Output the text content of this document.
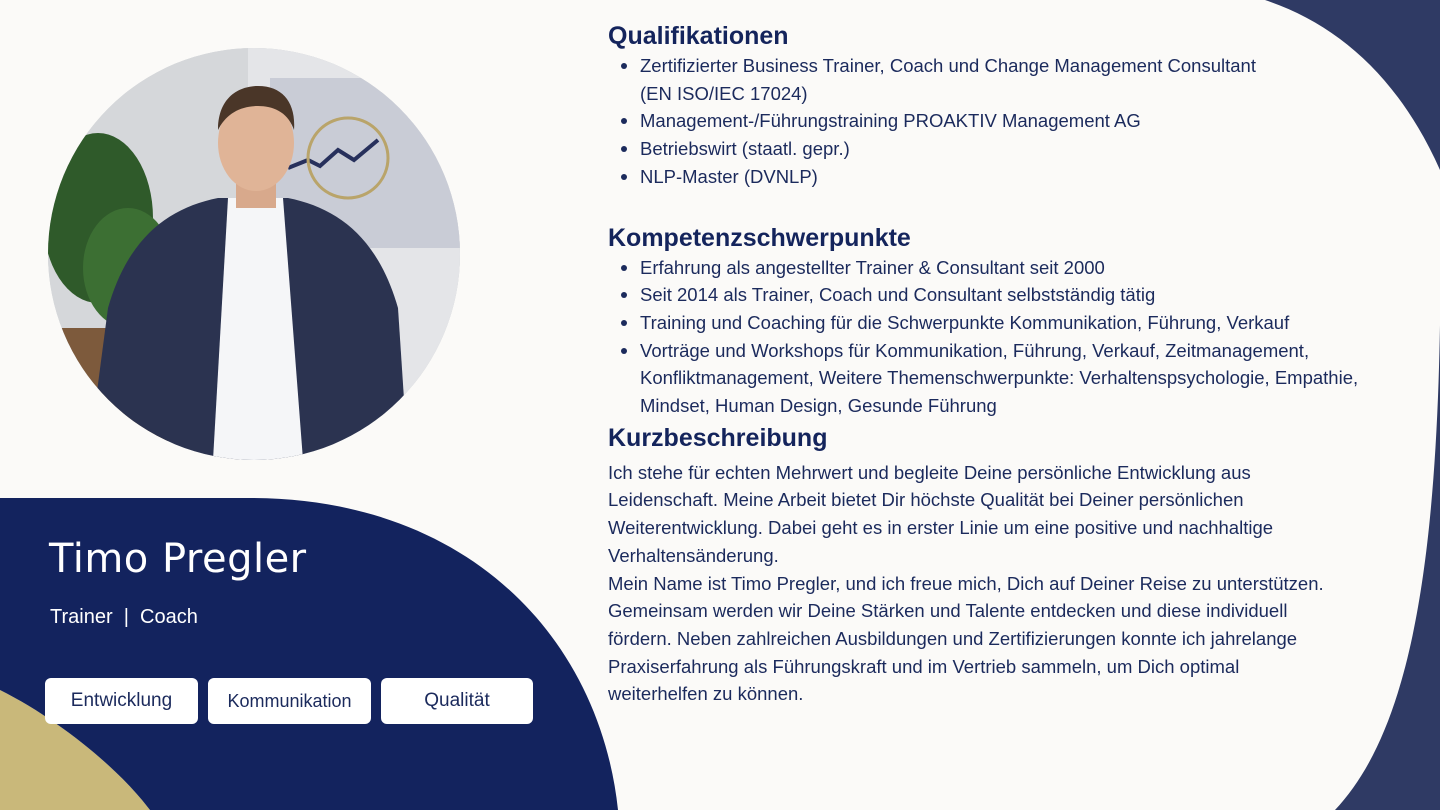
Timo Pregler
Trainer  |  Coach
Entwicklung	Kommunikation	Qualität
Qualifikationen
Zertifizierter Business Trainer, Coach und Change Management Consultant (EN ISO/IEC 17024)
Management-/Führungstraining PROAKTIV Management AG
Betriebswirt (staatl. gepr.)
NLP-Master (DVNLP)
Kompetenzschwerpunkte
Erfahrung als angestellter Trainer & Consultant seit 2000
Seit 2014 als Trainer, Coach und Consultant selbstständig tätig
Training und Coaching für die Schwerpunkte Kommunikation, Führung, Verkauf
Vorträge und Workshops für Kommunikation, Führung, Verkauf, Zeitmanagement, Konfliktmanagement, Weitere Themenschwerpunkte: Verhaltenspsychologie, Empathie, Mindset, Human Design, Gesunde Führung
Kurzbeschreibung

Ich stehe für echten Mehrwert und begleite Deine persönliche Entwicklung aus Leidenschaft. Meine Arbeit bietet Dir höchste Qualität bei Deiner persönlichen Weiterentwicklung. Dabei geht es in erster Linie um eine positive und nachhaltige Verhaltensänderung.

Mein Name ist Timo Pregler, und ich freue mich, Dich auf Deiner Reise zu unterstützen. Gemeinsam werden wir Deine Stärken und Talente entdecken und diese individuell fördern. Neben zahlreichen Ausbildungen und Zertifizierungen konnte ich jahrelange Praxiserfahrung als Führungskraft und im Vertrieb sammeln, um Dich optimal weiterhelfen zu können.
